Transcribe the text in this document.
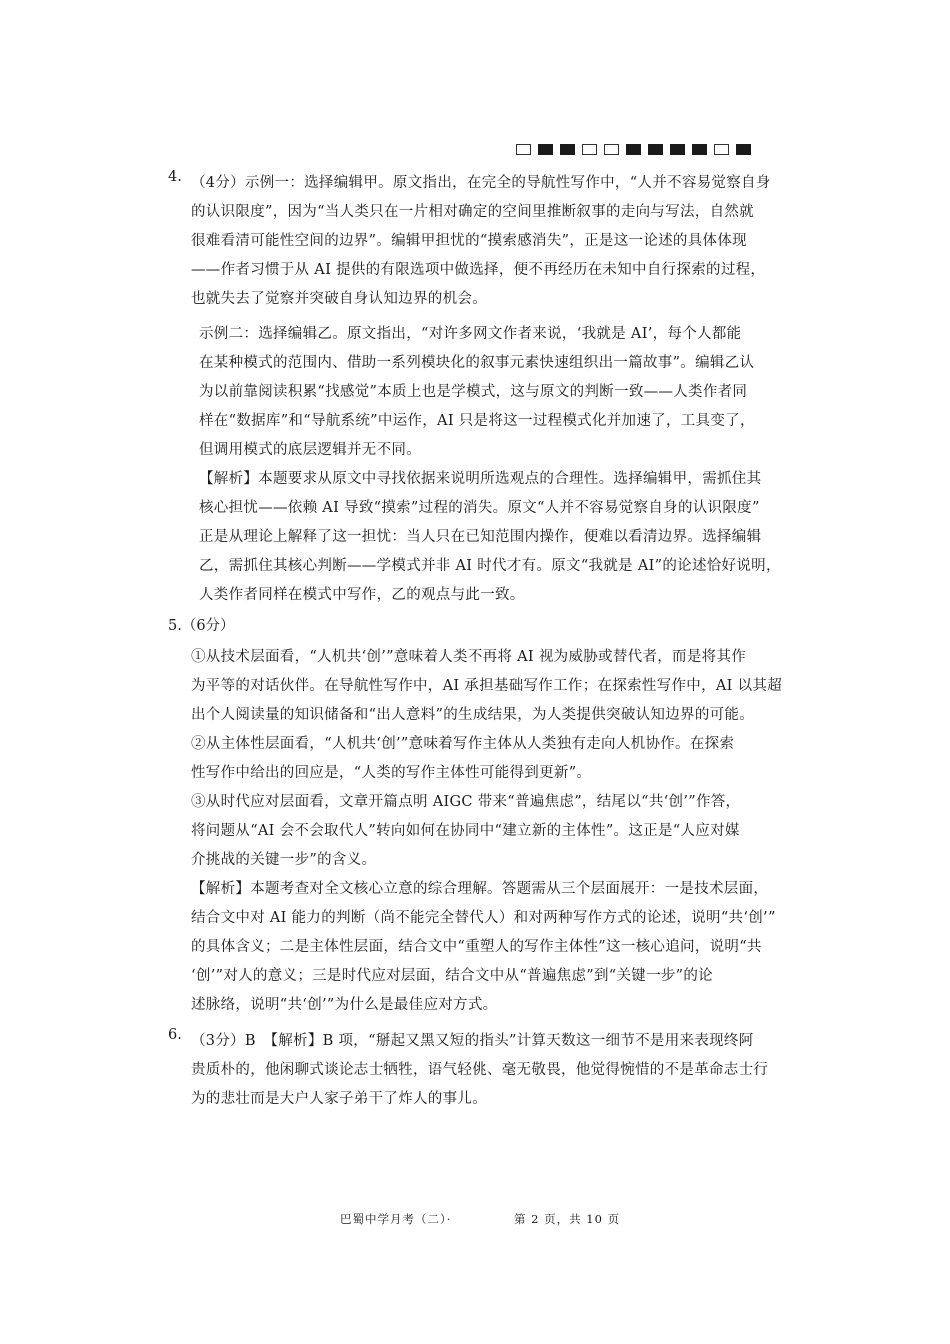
4. （4分）示例一：选择编辑甲。原文指出，在完全的导航性写作中，“人并不容易觉察自身
的认识限度”，因为“当人类只在一片相对确定的空间里推断叙事的走向与写法，自然就
很难看清可能性空间的边界”。编辑甲担忧的“摸索感消失”，正是这一论述的具体体现
——作者习惯于从 AI 提供的有限选项中做选择，便不再经历在未知中自行探索的过程，
也就失去了觉察并突破自身认知边界的机会。
示例二：选择编辑乙。原文指出，“对许多网文作者来说，‘我就是 AI’，每个人都能
在某种模式的范围内、借助一系列模块化的叙事元素快速组织出一篇故事”。编辑乙认
为以前靠阅读积累“找感觉”本质上也是学模式，这与原文的判断一致——人类作者同
样在“数据库”和“导航系统”中运作，AI 只是将这一过程模式化并加速了，工具变了，
但调用模式的底层逻辑并无不同。
【解析】本题要求从原文中寻找依据来说明所选观点的合理性。选择编辑甲，需抓住其
核心担忧——依赖 AI 导致“摸索”过程的消失。原文“人并不容易觉察自身的认识限度”
正是从理论上解释了这一担忧：当人只在已知范围内操作，便难以看清边界。选择编辑
乙，需抓住其核心判断——学模式并非 AI 时代才有。原文“我就是 AI”的论述恰好说明，
人类作者同样在模式中写作，乙的观点与此一致。
5.（6分）
①从技术层面看，“人机共‘创’”意味着人类不再将 AI 视为威胁或替代者，而是将其作
为平等的对话伙伴。在导航性写作中，AI 承担基础写作工作；在探索性写作中，AI 以其超
出个人阅读量的知识储备和“出人意料”的生成结果，为人类提供突破认知边界的可能。
②从主体性层面看，“人机共‘创’”意味着写作主体从人类独有走向人机协作。在探索
性写作中给出的回应是，“人类的写作主体性可能得到更新”。
③从时代应对层面看，文章开篇点明 AIGC 带来“普遍焦虑”，结尾以“共‘创’”作答，
将问题从“AI 会不会取代人”转向如何在协同中“建立新的主体性”。这正是“人应对媒
介挑战的关键一步”的含义。
【解析】本题考查对全文核心立意的综合理解。答题需从三个层面展开：一是技术层面，
结合文中对 AI 能力的判断（尚不能完全替代人）和对两种写作方式的论述，说明“共‘创’”
的具体含义；二是主体性层面，结合文中“重塑人的写作主体性”这一核心追问，说明“共
‘创’”对人的意义；三是时代应对层面，结合文中从“普遍焦虑”到“关键一步”的论
述脉络，说明“共‘创’”为什么是最佳应对方式。
6. （3分）B　【解析】B 项，“掰起又黑又短的指头”计算天数这一细节不是用来表现终阿
贵质朴的，他闲聊式谈论志士牺牲，语气轻佻、毫无敬畏，他觉得惋惜的不是革命志士行
为的悲壮而是大户人家子弟干了炸人的事儿。
巴蜀中学月考（二）·	第 2 页，共 10 页
